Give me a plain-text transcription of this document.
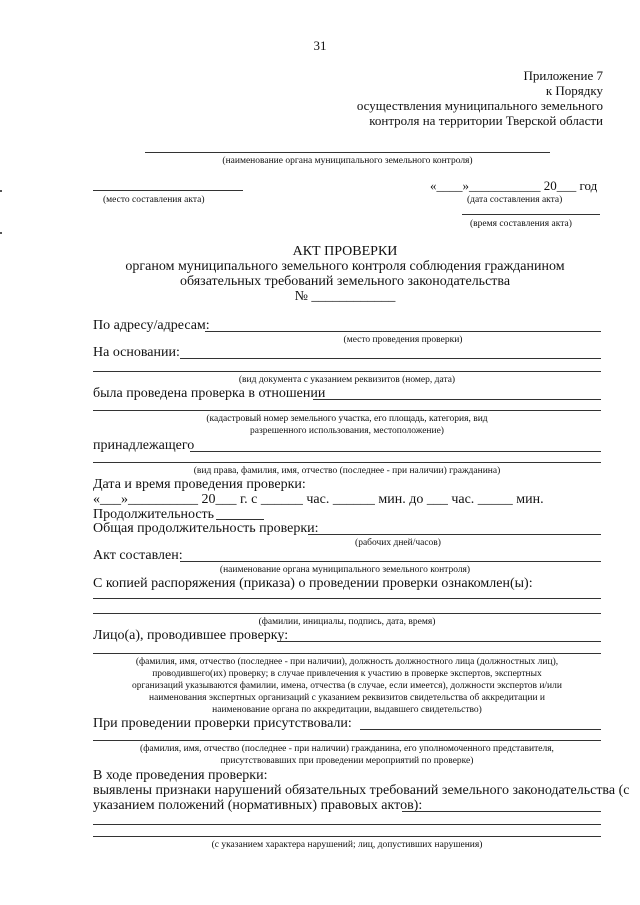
31
Приложение 7
к Порядку
осуществления муниципального земельного
контроля на территории Тверской области
(наименование органа муниципального земельного контроля)
(место составления акта)
«____»___________ 20___ год
(дата составления акта)
(время составления акта)
АКТ ПРОВЕРКИ
органом муниципального земельного контроля соблюдения гражданином
обязательных требований земельного законодательства
№ ____________
По адресу/адресам:
(место проведения проверки)
На основании:
(вид документа с указанием реквизитов (номер, дата)
была проведена проверка в отношении
(кадастровый номер земельного участка, его площадь, категория, вид
разрешенного использования, местоположение)
принадлежащего
(вид права, фамилия, имя, отчество (последнее - при наличии) гражданина)
Дата и время проведения проверки:
«___»__________ 20___ г. с ______ час. ______ мин. до ___ час. _____ мин.
Продолжительность
Общая продолжительность проверки:
(рабочих дней/часов)
Акт составлен:
(наименование органа муниципального земельного контроля)
С копией распоряжения (приказа) о проведении проверки ознакомлен(ы):
(фамилии, инициалы, подпись, дата, время)
Лицо(а), проводившее проверку:
(фамилия, имя, отчество (последнее - при наличии), должность должностного лица (должностных лиц),
проводившего(их) проверку; в случае привлечения к участию в проверке экспертов, экспертных
организаций указываются фамилии, имена, отчества (в случае, если имеется), должности экспертов и/или
наименования экспертных организаций с указанием реквизитов свидетельства об аккредитации и
наименование органа по аккредитации, выдавшего свидетельство)
При проведении проверки присутствовали:
(фамилия, имя, отчество (последнее - при наличии) гражданина, его уполномоченного представителя,
присутствовавших при проведении мероприятий по проверке)
В ходе проведения проверки:
выявлены признаки нарушений обязательных требований земельного законодательства (с
указанием положений (нормативных) правовых актов):
(с указанием характера нарушений; лиц, допустивших нарушения)
